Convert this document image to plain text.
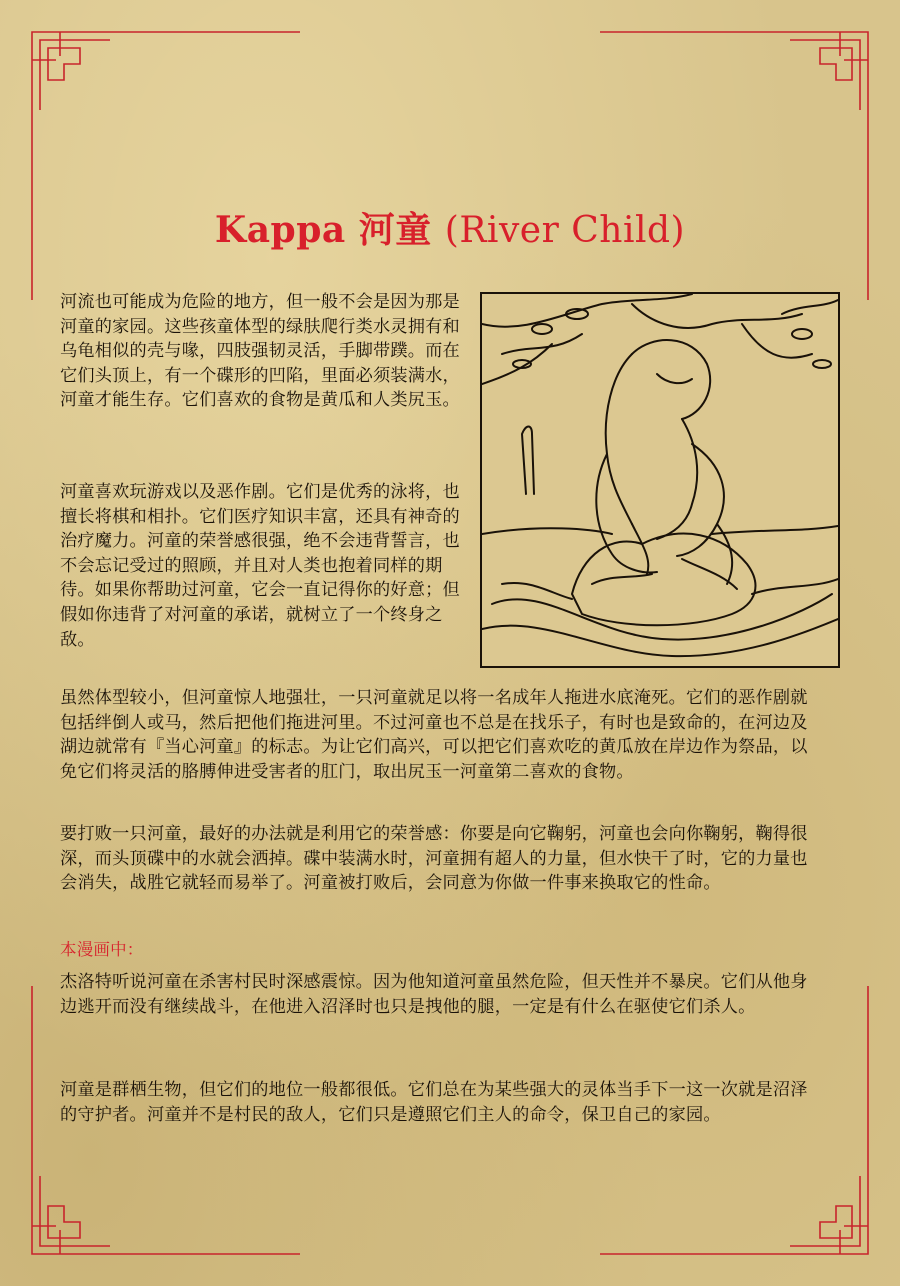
Kappa 河童 (River Child)

河流也可能成为危险的地方，但一般不会是因为那是河童的家园。这些孩童体型的绿肤爬行类水灵拥有和乌龟相似的壳与喙，四肢强韧灵活，手脚带蹼。而在它们头顶上，有一个碟形的凹陷，里面必须装满水，河童才能生存。它们喜欢的食物是黄瓜和人类尻玉。

河童喜欢玩游戏以及恶作剧。它们是优秀的泳将，也擅长将棋和相扑。它们医疗知识丰富，还具有神奇的治疗魔力。河童的荣誉感很强，绝不会违背誓言，也不会忘记受过的照顾，并且对人类也抱着同样的期待。如果你帮助过河童，它会一直记得你的好意；但假如你违背了对河童的承诺，就树立了一个终身之敌。

虽然体型较小，但河童惊人地强壮，一只河童就足以将一名成年人拖进水底淹死。它们的恶作剧就包括绊倒人或马，然后把他们拖进河里。不过河童也不总是在找乐子，有时也是致命的，在河边及湖边就常有『当心河童』的标志。为让它们高兴，可以把它们喜欢吃的黄瓜放在岸边作为祭品，以免它们将灵活的胳膊伸进受害者的肛门，取出尻玉一河童第二喜欢的食物。

要打败一只河童，最好的办法就是利用它的荣誉感：你要是向它鞠躬，河童也会向你鞠躬，鞠得很深，而头顶碟中的水就会洒掉。碟中装满水时，河童拥有超人的力量，但水快干了时，它的力量也会消失，战胜它就轻而易举了。河童被打败后，会同意为你做一件事来换取它的性命。

本漫画中：

杰洛特听说河童在杀害村民时深感震惊。因为他知道河童虽然危险，但天性并不暴戾。它们从他身边逃开而没有继续战斗，在他进入沼泽时也只是拽他的腿，一定是有什么在驱使它们杀人。

河童是群栖生物，但它们的地位一般都很低。它们总在为某些强大的灵体当手下一这一次就是沼泽的守护者。河童并不是村民的敌人，它们只是遵照它们主人的命令，保卫自己的家园。
